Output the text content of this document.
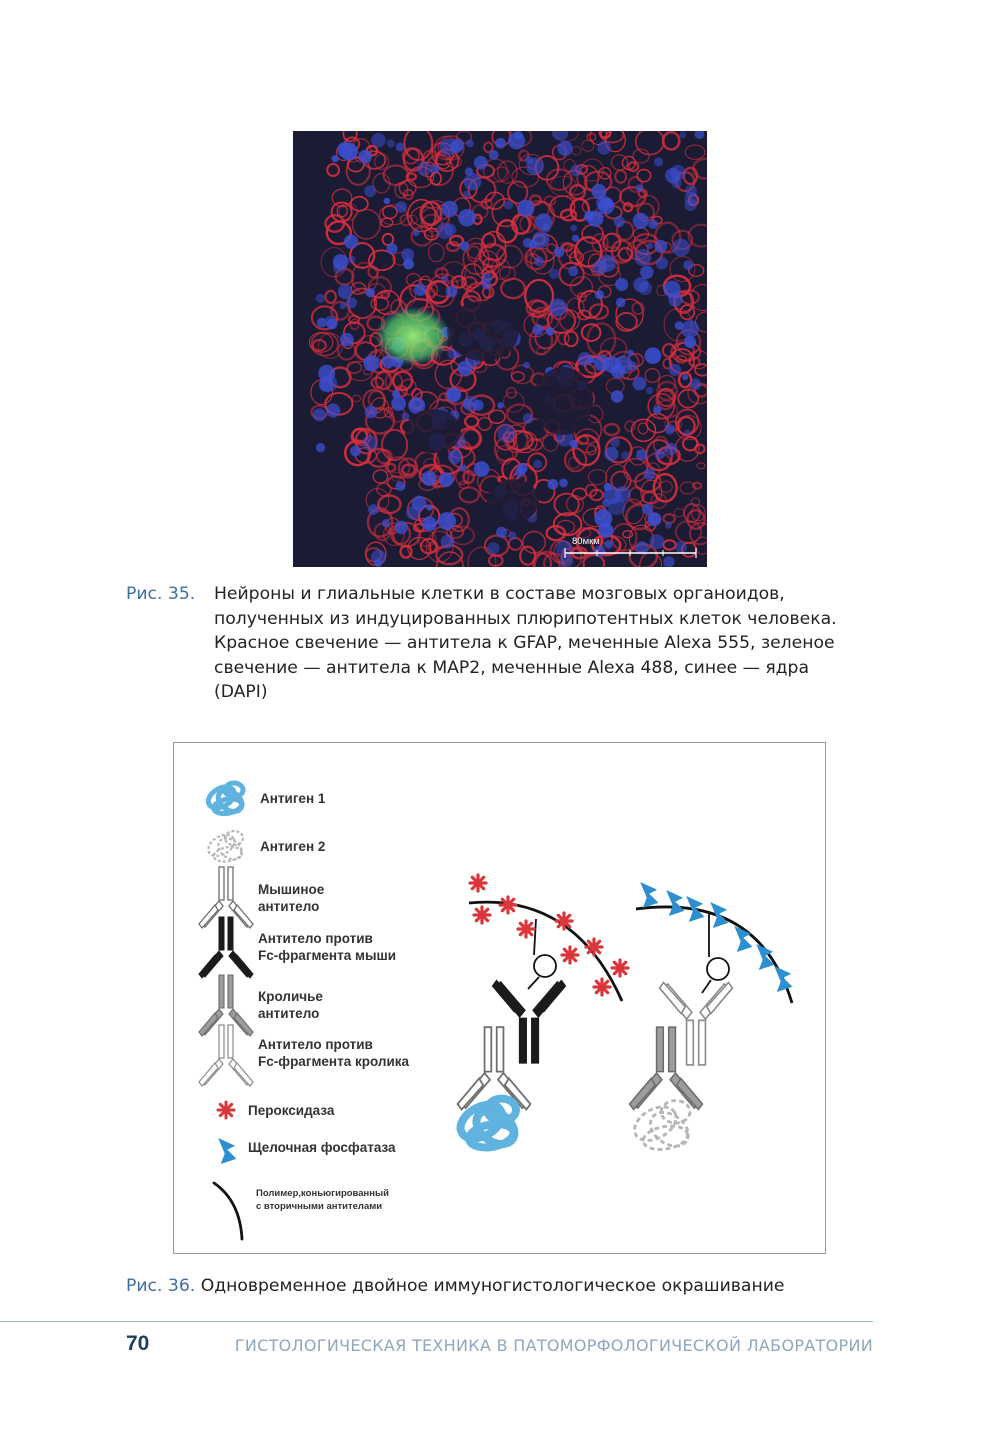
80мкм
Рис. 35. Нейроны и глиальные клетки в составе мозговых органоидов,
полученных из индуцированных плюрипотентных клеток человека.
Красное свечение — антитела к GFAP, меченные Alexa 555, зеленое
свечение — антитела к MAP2, меченные Alexa 488, синее — ядра
(DAPI)
Антиген 1
Антиген 2
Мышиное
антитело
Антитело против
Fc-фрагмента мыши
Кроличье
антитело
Антитело против
Fc-фрагмента кролика
Пероксидаза
Щелочная фосфатаза
Полимер,коньюгированный
с вторичными антителами
Рис. 36. Одновременное двойное иммуногистологическое окрашивание
70	ГИСТОЛОГИЧЕСКАЯ ТЕХНИКА В ПАТОМОРФОЛОГИЧЕСКОЙ ЛАБОРАТОРИИ
